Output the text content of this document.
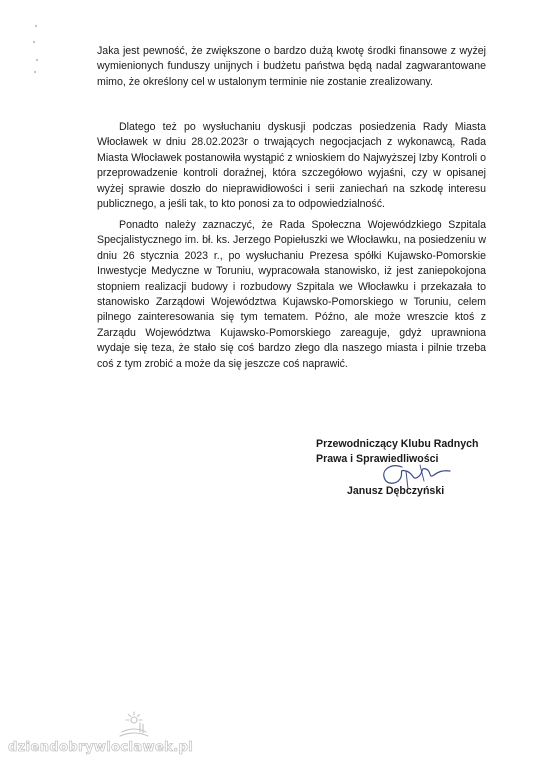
Jaka jest pewność, że zwiększone o bardzo dużą kwotę środki finansowe z wyżej wymienionych funduszy unijnych i budżetu państwa będą nadal zagwarantowane mimo, że określony cel w ustalonym terminie nie zostanie zrealizowany.

Dlatego też po wysłuchaniu dyskusji podczas posiedzenia Rady Miasta Włocławek w dniu 28.02.2023r o trwających negocjacjach z wykonawcą, Rada Miasta Włocławek postanowiła wystąpić z wnioskiem do Najwyższej Izby Kontroli o przeprowadzenie kontroli doraźnej, która szczegółowo wyjaśni, czy w opisanej wyżej sprawie doszło do nieprawidłowości i serii zaniechań na szkodę interesu publicznego, a jeśli tak, to kto ponosi za to odpowiedzialność.

Ponadto należy zaznaczyć, że Rada Społeczna Wojewódzkiego Szpitala Specjalistycznego im. bł. ks. Jerzego Popiełuszki we Włocławku, na posiedzeniu w dniu 26 stycznia 2023 r., po wysłuchaniu Prezesa spółki Kujawsko-Pomorskie Inwestycje Medyczne w Toruniu, wypracowała stanowisko, iż jest zaniepokojona stopniem realizacji budowy i rozbudowy Szpitala we Włocławku i przekazała to stanowisko Zarządowi Województwa Kujawsko-Pomorskiego w Toruniu, celem pilnego zainteresowania się tym tematem. Późno, ale może wreszcie ktoś z Zarządu Województwa Kujawsko-Pomorskiego zareaguje, gdyż uprawniona wydaje się teza, że stało się coś bardzo złego dla naszego miasta i pilnie trzeba coś z tym zrobić a może da się jeszcze coś naprawić.

Przewodniczący Klubu Radnych
Prawa i Sprawiedliwości
Janusz Dębczyński
dziendobrywloclawek.pl
